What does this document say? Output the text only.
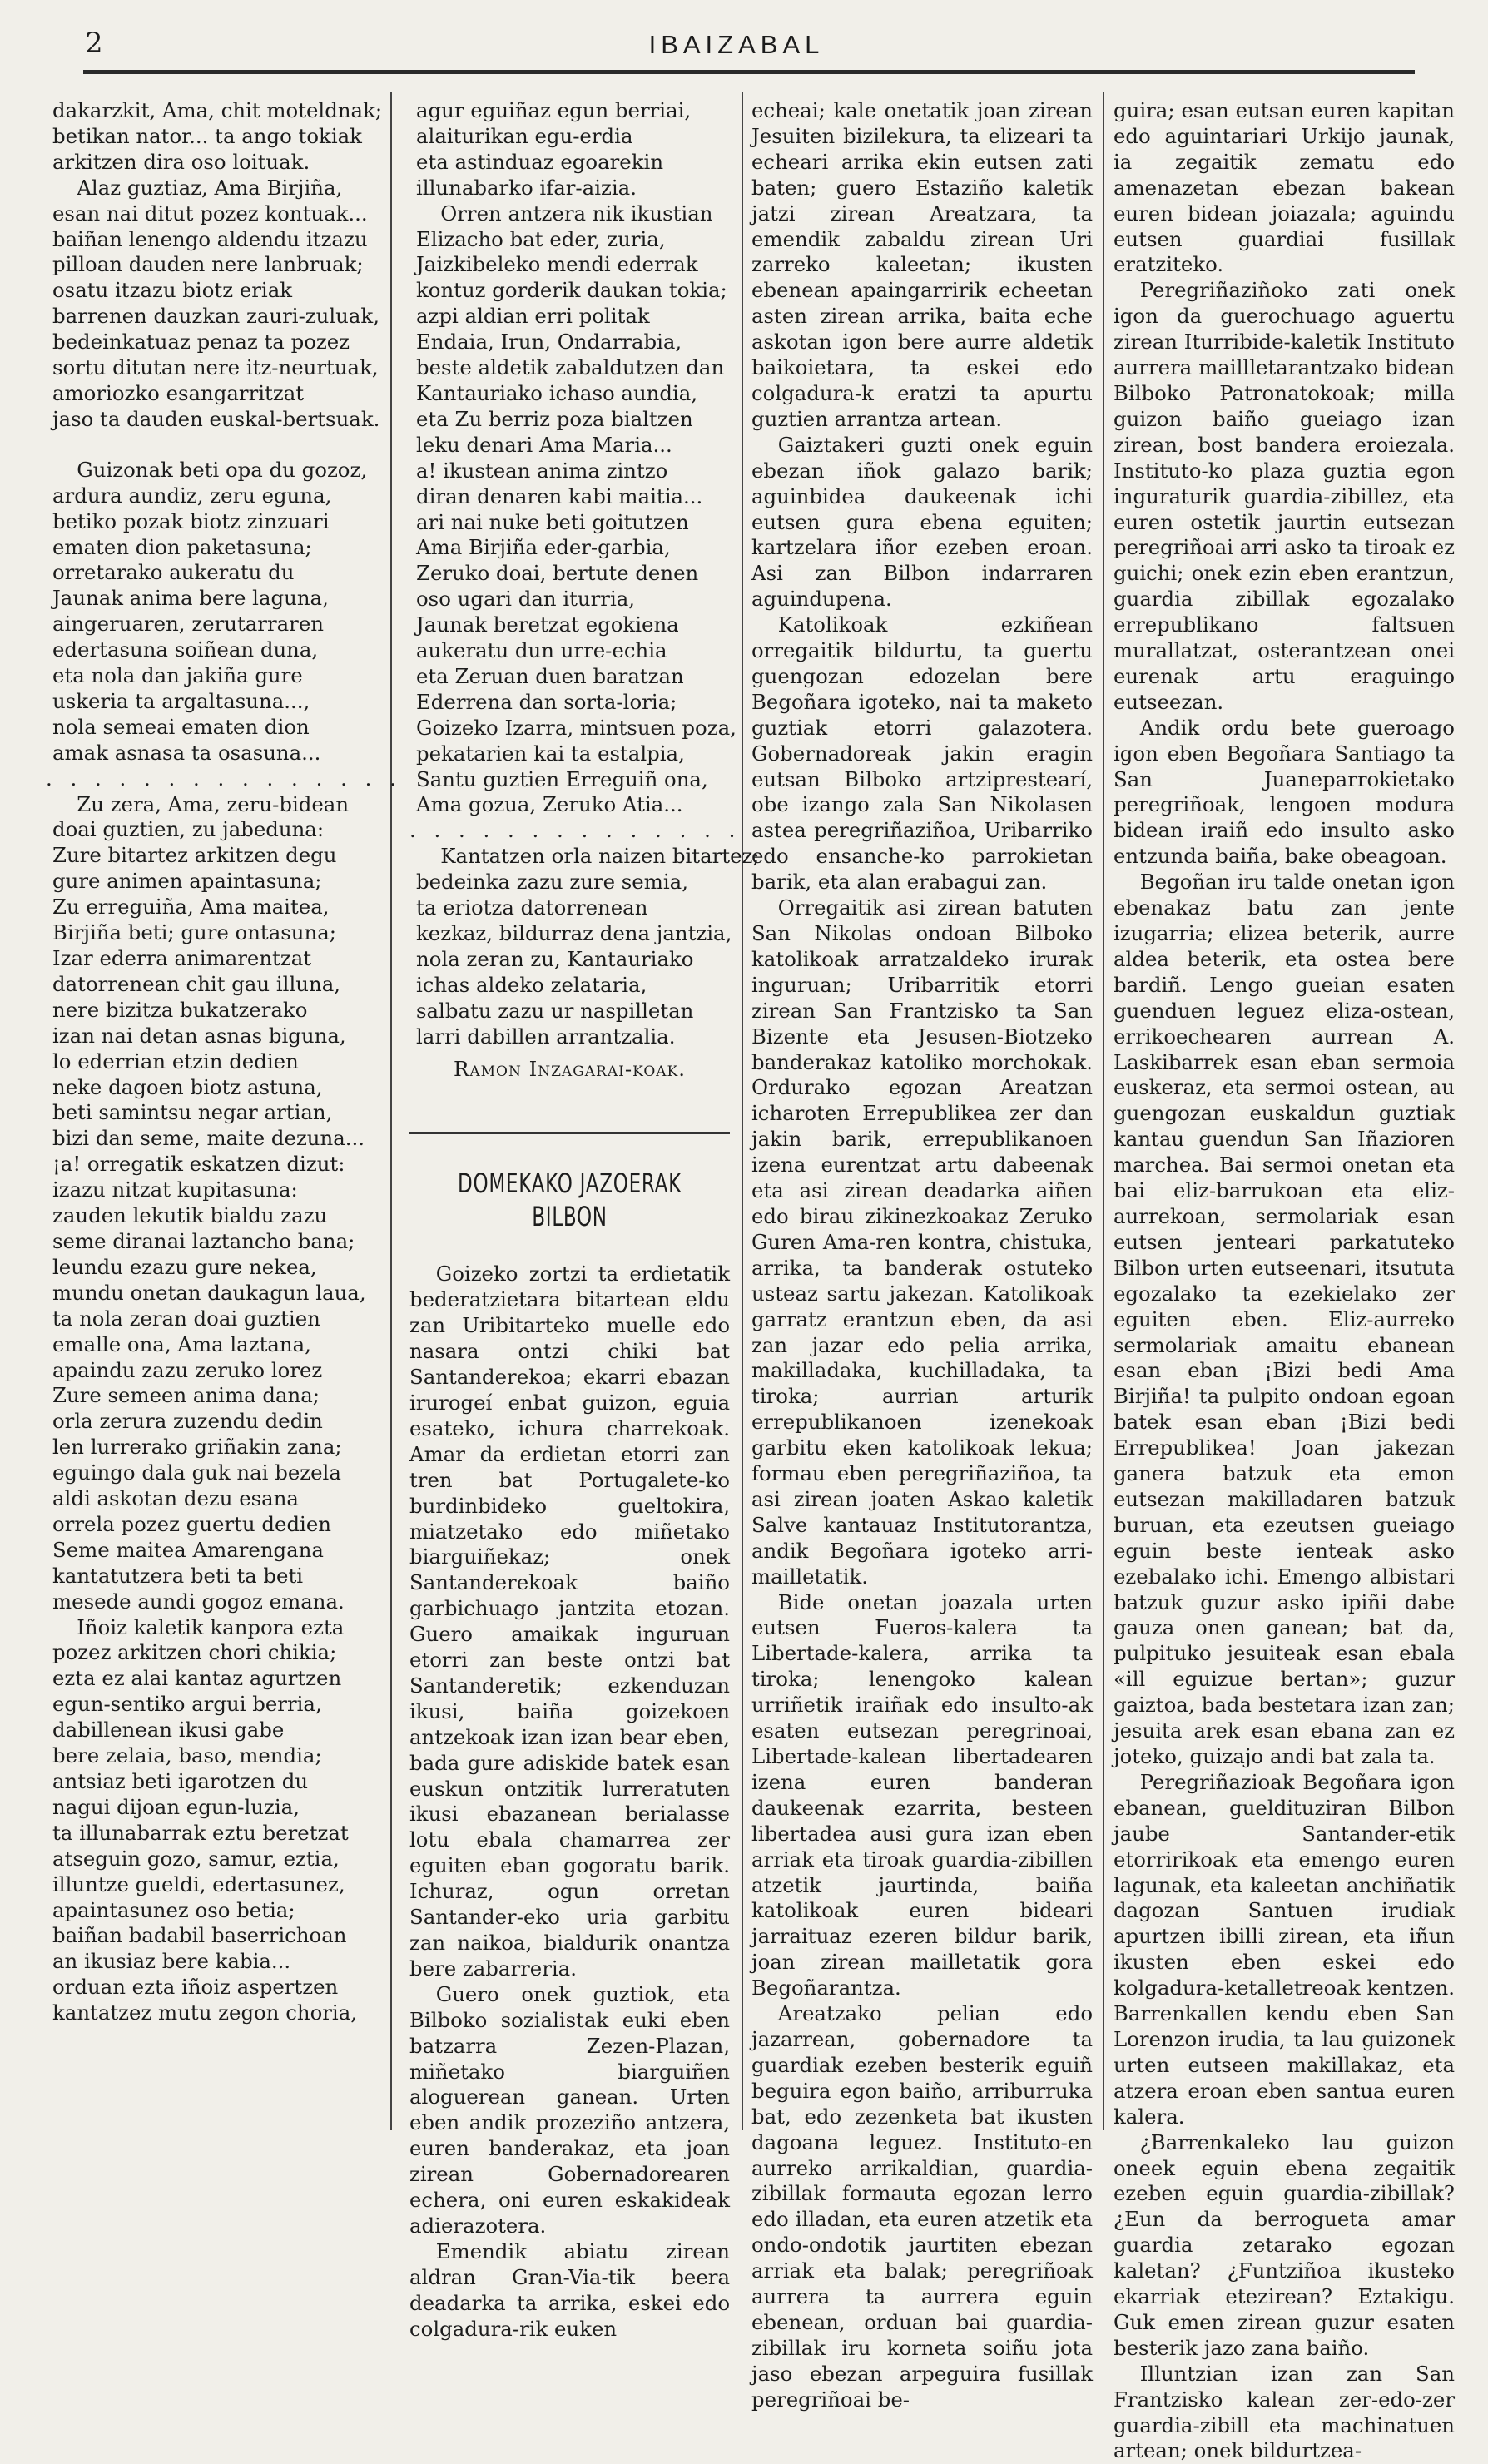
2	IBAIZABAL
dakarzkit, Ama, chit moteldnak;
betikan nator... ta ango tokiak
arkitzen dira oso loituak.
Alaz guztiaz, Ama Birjiña,
esan nai ditut pozez kontuak...
baiñan lenengo aldendu itzazu
pilloan dauden nere lanbruak;
osatu itzazu biotz eriak
barrenen dauzkan zauri-zuluak,
bedeinkatuaz penaz ta pozez
sortu ditutan nere itz-neurtuak,
amoriozko esangarritzat
jaso ta dauden euskal-bertsuak.
Guizonak beti opa du gozoz,
ardura aundiz, zeru eguna,
betiko pozak biotz zinzuari
ematen dion paketasuna;
orretarako aukeratu du
Jaunak anima bere laguna,
aingeruaren, zerutarraren
edertasuna soiñean duna,
eta nola dan jakiña gure
uskeria ta argaltasuna...,
nola semeai ematen dion
amak asnasa ta osasuna...
. . . . . . . . . . . . . . .
Zu zera, Ama, zeru-bidean
doai guztien, zu jabeduna:
Zure bitartez arkitzen degu
gure animen apaintasuna;
Zu erreguiña, Ama maitea,
Birjiña beti; gure ontasuna;
Izar ederra animarentzat
datorrenean chit gau illuna,
nere bizitza bukatzerako
izan nai detan asnas biguna,
lo ederrian etzin dedien
neke dagoen biotz astuna,
beti samintsu negar artian,
bizi dan seme, maite dezuna...
¡a! orregatik eskatzen dizut:
izazu nitzat kupitasuna:
zauden lekutik bialdu zazu
seme diranai laztancho bana;
leundu ezazu gure nekea,
mundu onetan daukagun laua,
ta nola zeran doai guztien
emalle ona, Ama laztana,
apaindu zazu zeruko lorez
Zure semeen anima dana;
orla zerura zuzendu dedin
len lurrerako griñakin zana;
eguingo dala guk nai bezela
aldi askotan dezu esana
orrela pozez guertu dedien
Seme maitea Amarengana
kantatutzera beti ta beti
mesede aundi gogoz emana.
Iñoiz kaletik kanpora ezta
pozez arkitzen chori chikia;
ezta ez alai kantaz agurtzen
egun-sentiko argui berria,
dabillenean ikusi gabe
bere zelaia, baso, mendia;
antsiaz beti igarotzen du
nagui dijoan egun-luzia,
ta illunabarrak eztu beretzat
atseguin gozo, samur, eztia,
illuntze gueldi, edertasunez,
apaintasunez oso betia;
baiñan badabil baserrichoan
an ikusiaz bere kabia...
orduan ezta iñoiz aspertzen
kantatzez mutu zegon choria,
agur eguiñaz egun berriai,
alaiturikan egu-erdia
eta astinduaz egoarekin
illunabarko ifar-aizia.
Orren antzera nik ikustian
Elizacho bat eder, zuria,
Jaizkibeleko mendi ederrak
kontuz gorderik daukan tokia;
azpi aldian erri politak
Endaia, Irun, Ondarrabia,
beste aldetik zabaldutzen dan
Kantauriako ichaso aundia,
eta Zu berriz poza bialtzen
leku denari Ama Maria...
a! ikustean anima zintzo
diran denaren kabi maitia...
ari nai nuke beti goitutzen
Ama Birjiña eder-garbia,
Zeruko doai, bertute denen
oso ugari dan iturria,
Jaunak beretzat egokiena
aukeratu dun urre-echia
eta Zeruan duen baratzan
Ederrena dan sorta-loria;
Goizeko Izarra, mintsuen poza,
pekatarien kai ta estalpia,
Santu guztien Erreguiñ ona,
Ama gozua, Zeruko Atia...
. . . . . . . . . . . . . .
Kantatzen orla naizen bitartez;
bedeinka zazu zure semia,
ta eriotza datorrenean
kezkaz, bildurraz dena jantzia,
nola zeran zu, Kantauriako
ichas aldeko zelataria,
salbatu zazu ur naspilletan
larri dabillen arrantzalia.

Ramon Inzagarai-koak.

DOMEKAKO JAZOERAK BILBON

Goizeko zortzi ta erdietatik bederatzietara bitartean eldu zan Uribitarteko muelle edo nasara ontzi chiki bat Santanderekoa; ekarri ebazan irurogeí enbat guizon, eguia esateko, ichura charrekoak. Amar da erdietan etorri zan tren bat Portugalete-ko burdinbideko gueltokira, miatzetako edo miñetako biarguiñekaz; onek Santanderekoak baiño garbichuago jantzita etozan. Guero amaikak inguruan etorri zan beste ontzi bat Santanderetik; ezkenduzan ikusi, baiña goizekoen antzekoak izan izan bear eben, bada gure adiskide batek esan euskun ontzitik lurreratuten ikusi ebazanean berialasse lotu ebala chamarrea zer eguiten eban gogoratu barik. Ichuraz, ogun orretan Santander-eko uria garbitu zan naikoa, bialdurik onantza bere zabarreria.

Guero onek guztiok, eta Bilboko sozialistak euki eben batzarra Zezen-Plazan, miñetako biarguiñen aloguerean ganean. Urten eben andik prozeziño antzera, euren banderakaz, eta joan zirean Gobernadorearen echera, oni euren eskakideak adierazotera.

Emendik abiatu zirean aldran Gran-Via-tik beera deadarka ta arrika, eskei edo colgadura-rik euken

echeai; kale onetatik joan zirean Jesuiten bizilekura, ta elizeari ta echeari arrika ekin eutsen zati baten; guero Estaziño kaletik jatzi zirean Areatzara, ta emendik zabaldu zirean Uri zarreko kaleetan; ikusten ebenean apaingarririk echeetan asten zirean arrika, baita eche askotan igon bere aurre aldetik baikoietara, ta eskei edo colgadura-k eratzi ta apurtu guztien arrantza artean.

Gaiztakeri guzti onek eguin ebezan iñok galazo barik; aguinbidea daukeenak ichi eutsen gura ebena eguiten; kartzelara iñor ezeben eroan. Asi zan Bilbon indarraren aguindupena.

Katolikoak ezkiñean orregaitik bildurtu, ta guertu guengozan edozelan bere Begoñara igoteko, nai ta maketo guztiak etorri galazotera. Gobernadoreak jakin eragin eutsan Bilboko artziprestearí, obe izango zala San Nikolasen astea peregriñaziñoa, Uribarriko edo ensanche-ko parrokietan barik, eta alan erabagui zan.

Orregaitik asi zirean batuten San Nikolas ondoan Bilboko katolikoak arratzaldeko irurak inguruan; Uribarritik etorri zirean San Frantzisko ta San Bizente eta Jesusen-Biotzeko banderakaz katoliko morchokak. Ordurako egozan Areatzan icharoten Errepublikea zer dan jakin barik, errepublikanoen izena eurentzat artu dabeenak eta asi zirean deadarka aiñen edo birau zikinezkoakaz Zeruko Guren Ama-ren kontra, chistuka, arrika, ta banderak ostuteko usteaz sartu jakezan. Katolikoak garratz erantzun eben, da asi zan jazar edo pelia arrika, makilladaka, kuchilladaka, ta tiroka; aurrian arturik errepublikanoen izenekoak garbitu eken katolikoak lekua; formau eben peregriñaziñoa, ta asi zirean joaten Askao kaletik Salve kantauaz Institutorantza, andik Begoñara igoteko arri-mailletatik.

Bide onetan joazala urten eutsen Fueros-kalera ta Libertade-kalera, arrika ta tiroka; lenengoko kalean urriñetik iraiñak edo insulto-ak esaten eutsezan peregrinoai, Libertade-kalean libertadearen izena euren banderan daukeenak ezarrita, besteen libertadea ausi gura izan eben arriak eta tiroak guardia-zibillen atzetik jaurtinda, baiña katolikoak euren bideari jarraituaz ezeren bildur barik, joan zirean mailletatik gora Begoñarantza.

Areatzako pelian edo jazarrean, gobernadore ta guardiak ezeben besterik eguiñ beguira egon baiño, arriburruka bat, edo zezenketa bat ikusten dagoana leguez. Instituto-en aurreko arrikaldian, guardia-zibillak formauta egozan lerro edo illadan, eta euren atzetik eta ondo-ondotik jaurtiten ebezan arriak eta balak; peregriñoak aurrera ta aurrera eguin ebenean, orduan bai guardia-zibillak iru korneta soiñu jota jaso ebezan arpeguira fusillak peregriñoai be-

guira; esan eutsan euren kapitan edo aguintariari Urkijo jaunak, ia zegaitik zematu edo amenazetan ebezan bakean euren bidean joiazala; aguindu eutsen guardiai fusillak eratziteko.

Peregriñaziñoko zati onek igon da guerochuago aguertu zirean Iturribide-kaletik Instituto aurrera maillletarantzako bidean Bilboko Patronatokoak; milla guizon baiño gueiago izan zirean, bost bandera eroiezala. Instituto-ko plaza guztia egon inguraturik guardia-zibillez, eta euren ostetik jaurtin eutsezan peregriñoai arri asko ta tiroak ez guichi; onek ezin eben erantzun, guardia zibillak egozalako errepublikano faltsuen murallatzat, osterantzean onei eurenak artu eraguingo eutseezan.

Andik ordu bete gueroago igon eben Begoñara Santiago ta San Juaneparrokietako peregriñoak, lengoen modura bidean iraiñ edo insulto asko entzunda baiña, bake obeagoan.

Begoñan iru talde onetan igon ebenakaz batu zan jente izugarria; elizea beterik, aurre aldea beterik, eta ostea bere bardiñ. Lengo gueian esaten guenduen leguez eliza-ostean, errikoechearen aurrean A. Laskibarrek esan eban sermoia euskeraz, eta sermoi ostean, au guengozan euskaldun guztiak kantau guendun San Iñazioren marchea. Bai sermoi onetan eta bai eliz-barrukoan eta eliz-aurrekoan, sermolariak esan eutsen jenteari parkatuteko Bilbon urten eutseenari, itsututa egozalako ta ezekielako zer eguiten eben. Eliz-aurreko sermolariak amaitu ebanean esan eban ¡Bizi bedi Ama Birjiña! ta pulpito ondoan egoan batek esan eban ¡Bizi bedi Errepublikea! Joan jakezan ganera batzuk eta emon eutsezan makilladaren batzuk buruan, eta ezeutsen gueiago eguin beste ienteak asko ezebalako ichi. Emengo albistari batzuk guzur asko ipiñi dabe gauza onen ganean; bat da, pulpituko jesuiteak esan ebala «ill eguizue bertan»; guzur gaiztoa, bada bestetara izan zan; jesuita arek esan ebana zan ez joteko, guizajo andi bat zala ta.

Peregriñazioak Begoñara igon ebanean, gueldituziran Bilbon jaube Santander-etik etorririkoak eta emengo euren lagunak, eta kaleetan anchiñatik dagozan Santuen irudiak apurtzen ibilli zirean, eta iñun ikusten eben eskei edo kolgadura-ketalletreoak kentzen. Barrenkallen kendu eben San Lorenzon irudia, ta lau guizonek urten eutseen makillakaz, eta atzera eroan eben santua euren kalera.

¿Barrenkaleko lau guizon oneek eguin ebena zegaitik ezeben eguin guardia-zibillak? ¿Eun da berrogueta amar guardia zetarako egozan kaletan? ¿Funtziñoa ikusteko ekarriak etezirean? Eztakigu. Guk emen zirean guzur esaten besterik jazo zana baiño.

Illuntzian izan zan San Frantzisko kalean zer-edo-zer guardia-zibill eta machinatuen artean; onek bildurtzea-
